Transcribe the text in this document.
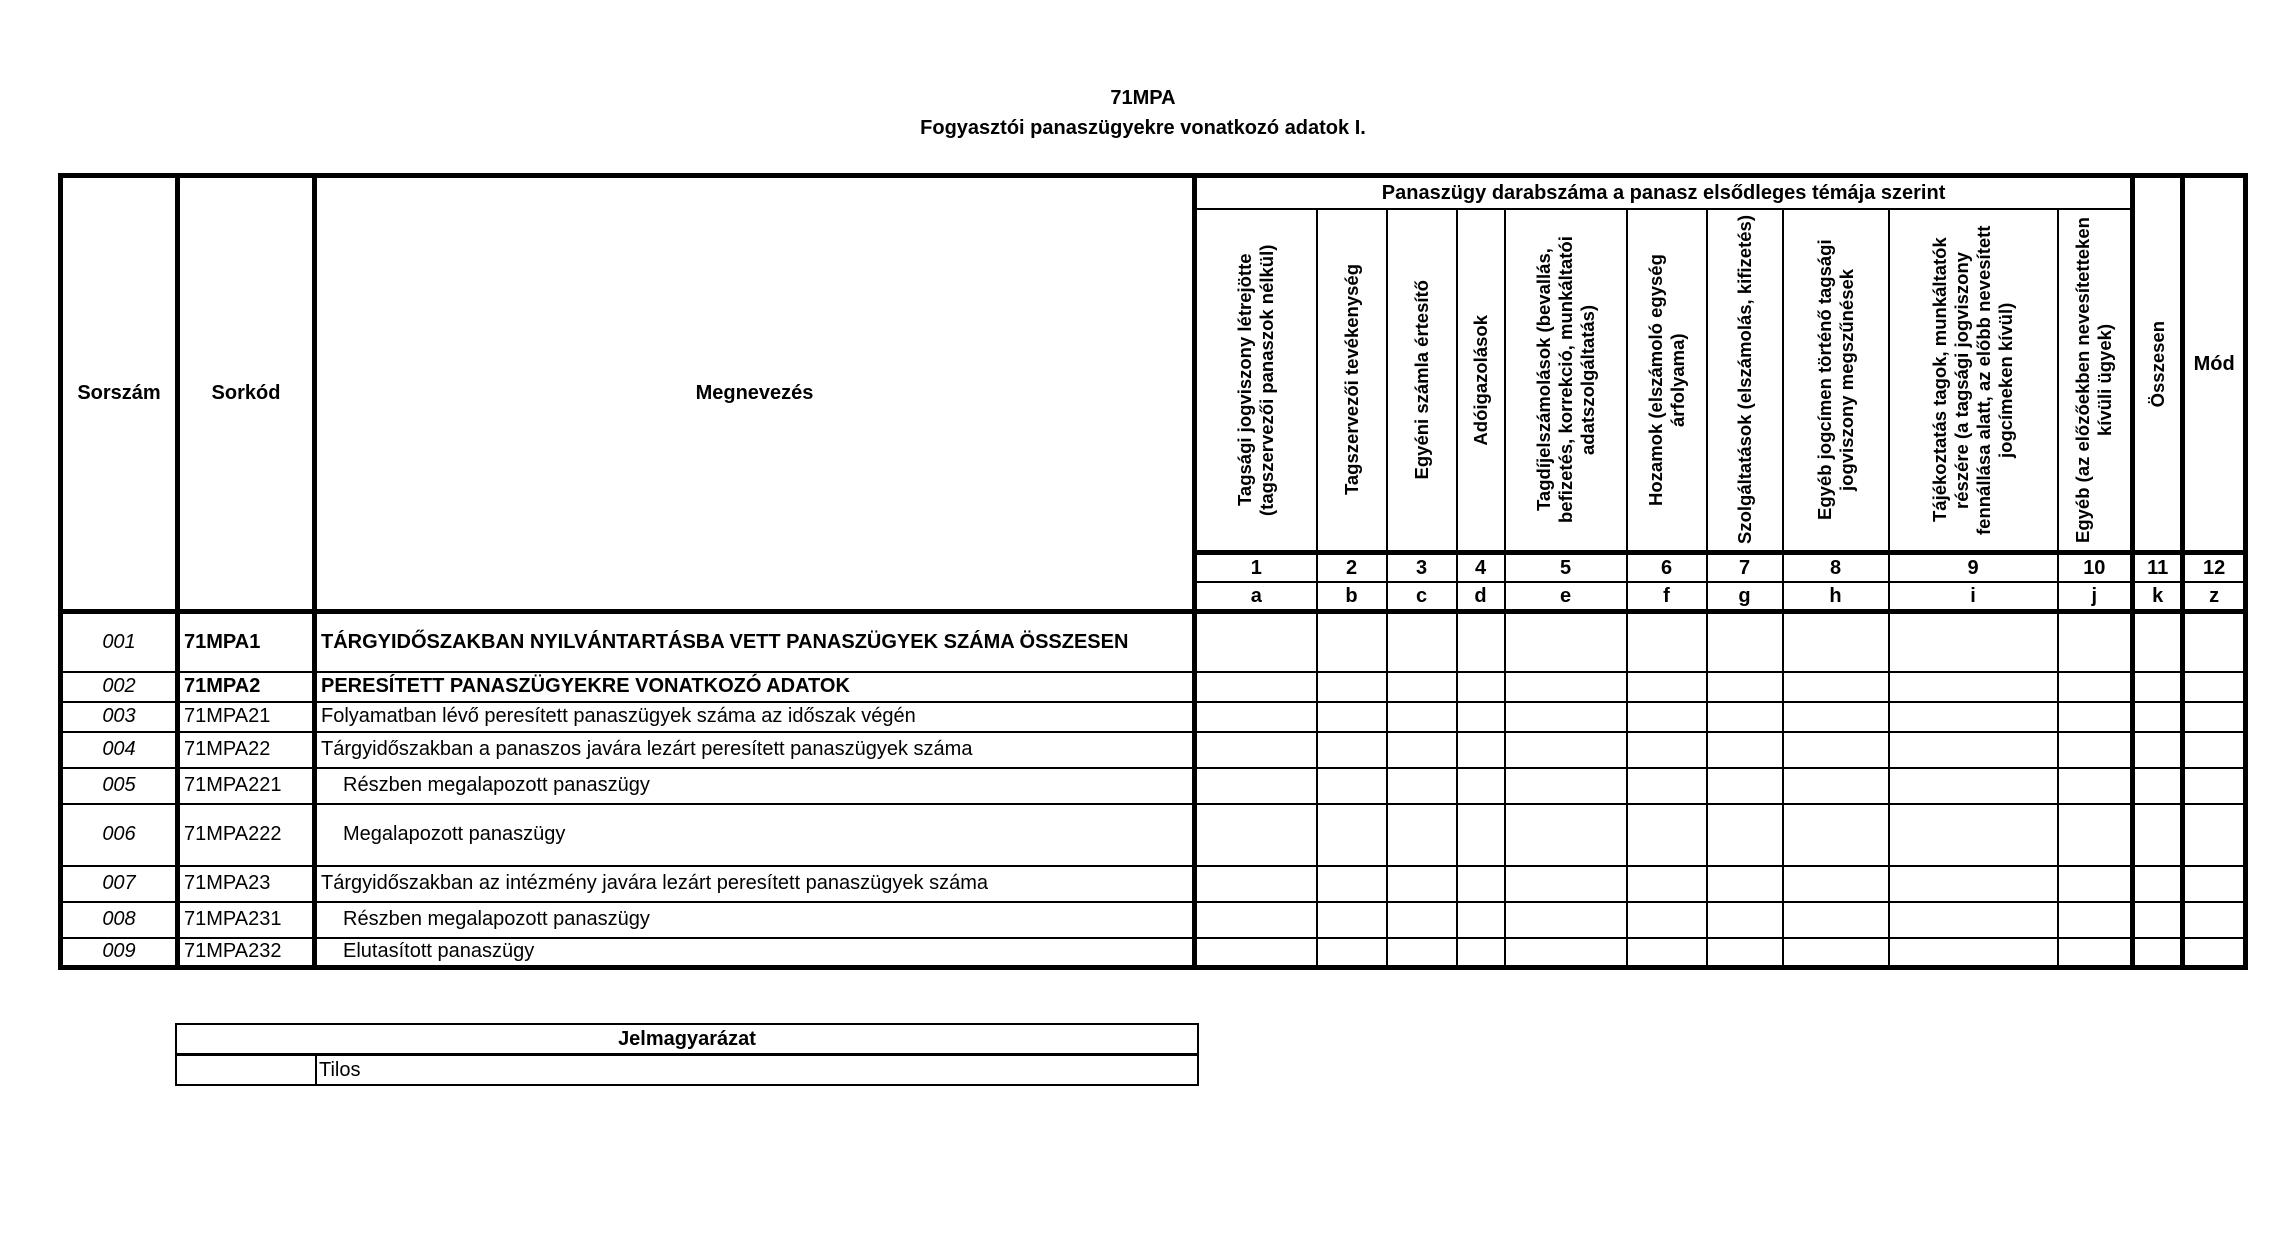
71MPA
Fogyasztói panaszügyekre vonatkozó adatok I.
Sorszám	Sorkód	Megnevezés	Panaszügy darabszáma a panasz elsődleges témája szerint										Összesen	Mód

			Tagsági jogviszony létrejötte (tagszervezői panaszok nélkül)	Tagszervezői tevékenység	Egyéni számla értesítő	Adóigazolások	Tagdíjelszámolások (bevallás, befizetés, korrekció, munkáltatói adatszolgáltatás)	Hozamok (elszámoló egység árfolyama)	Szolgáltatások (elszámolás, kifizetés)	Egyéb jogcímen történő tagsági jogviszony megszűnések	Tájékoztatás tagok, munkáltatók részére (a tagsági jogviszony fennállása alatt, az előbb nevesített jogcímeken kívül)	Egyéb (az előzőekben nevesítetteken kívüli ügyek)		

			1	2	3	4	5	6	7	8	9	10	11	12
			a	b	c	d	e	f	g	h	i	j	k	z
001	71MPA1	TÁRGYIDŐSZAKBAN NYILVÁNTARTÁSBA VETT PANASZÜGYEK SZÁMA ÖSSZESEN												
002	71MPA2	PERESÍTETT PANASZÜGYEKRE VONATKOZÓ ADATOK												
003	71MPA21	Folyamatban lévő peresített panaszügyek száma az időszak végén												
004	71MPA22	Tárgyidőszakban a panaszos javára lezárt peresített panaszügyek száma												
005	71MPA221	Részben megalapozott panaszügy												
006	71MPA222	Megalapozott panaszügy												
007	71MPA23	Tárgyidőszakban az intézmény javára lezárt peresített panaszügyek száma												
008	71MPA231	Részben megalapozott panaszügy												
009	71MPA232	Elutasított panaszügy												
Jelmagyarázat
	Tilos
